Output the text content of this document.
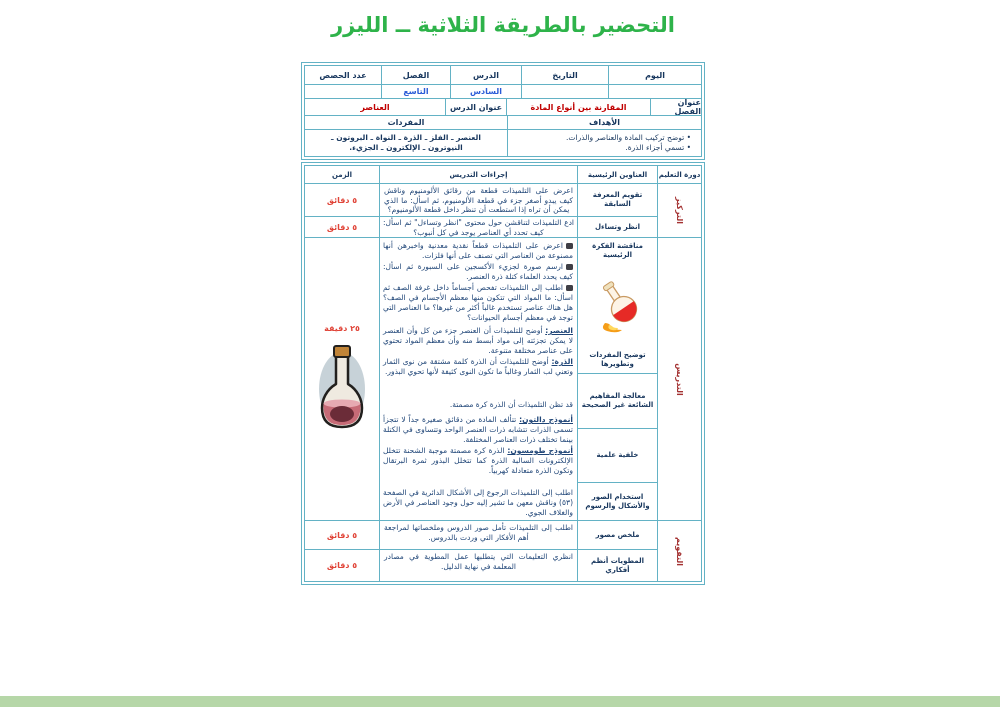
التحضير بالطريقة الثلاثية ــ الليزر
اليوم
التاريخ
الدرس
الفصل
عدد الحصص
السادس
التاسع
عنوان الفصل
المقارنة بين أنواع المادة
عنوان الدرس
العناصر
الأهداف
المفردات
• توضح تركيب المادة والعناصر والذرات.
• تسمي أجزاء الذرة.
العنصر ـ الفلز ـ الذرة ـ النواة ـ البروتون ـ النيوترون ـ الإلكترون ـ الجزيء.
دورة التعليم
العناوين الرئيسية
إجراءات التدريس
الزمن
التركيز
التدريس
التقويم
تقويم المعرفة السابقة
اعرض على التلميذات قطعة من رقائق الألومنيوم وناقش كيف يبدو أصغر جزء في قطعة الألومنيوم، ثم اسأل: ما الذي يمكن أن تراه إذا استطعت أن تنظر داخل قطعة الألومنيوم؟
٥ دقائق
انظر وتساءل
ادع التلميذات لتناقشن حول محتوى "انظر وتساءل" ثم اسأل: كيف تحدد أي العناصر يوجد في كل أنبوب؟
٥ دقائق
مناقشة الفكرة الرئيسية
توضيح المفردات وتطويرها
معالجة المفاهيم الشائعة غير الصحيحة
خلفية علمية
استخدام الصور والأشكال والرسوم
اعرض على التلميذات قطعاً نقدية معدنية واخبرهن أنها مصنوعة من العناصر التي تصنف على أنها فلزات.
ارسم صورة لجزيء الأكسجين على السبورة ثم اسأل: كيف يحدد العلماء كتلة ذرة العنصر.
اطلب إلى التلميذات تفحص أجساماً داخل غرفة الصف ثم اسأل: ما المواد التي تتكون منها معظم الأجسام في الصف؟ هل هناك عناصر تستخدم غالباً أكثر من غيرها؟ ما العناصر التي توجد في معظم أجسام الحيوانات؟
العنصر: أوضح للتلميذات أن العنصر جزء من كل وأن العنصر لا يمكن تجزئته إلى مواد أبسط منه وأن معظم المواد تحتوي على عناصر مختلفة متنوعة.
الذرة: أوضح للتلميذات أن الذرة كلمة مشتقة من نوى الثمار وتعني لب الثمار وغالباً ما تكون النوى كثيفة لأنها تحوي البذور.
قد تظن التلميذات أن الذرة كرة مصمتة.
أنموذج دالتون: تتألف المادة من دقائق صغيرة جداً لا تتجزأ تسمى الذرات تتشابه ذرات العنصر الواحد وتتساوى في الكتلة بينما تختلف ذرات العناصر المختلفة.
أنموذج طومسون: الذرة كرة مصمتة موجبة الشحنة تتخلل الإلكترونات السالبة الذرة كما تتخلل البذور ثمرة البرتقال وتكون الذرة متعادلة كهربياً.
اطلب إلى التلميذات الرجوع إلى الأشكال الدائرية في الصفحة (٥٣) وناقش معهن ما تشير إليه حول وجود العناصر في الأرض والغلاف الجوي.
٢٥ دقيقة
ملخص مصور
اطلب إلى التلميذات تأمل صور الدروس وملخصاتها لمراجعة أهم الأفكار التي وردت بالدروس.
٥ دقائق
المطويات أنظم أفكاري
انظري التعليمات التي يتطلبها عمل المطوية في مصادر المعلمة في نهاية الدليل.
٥ دقائق
